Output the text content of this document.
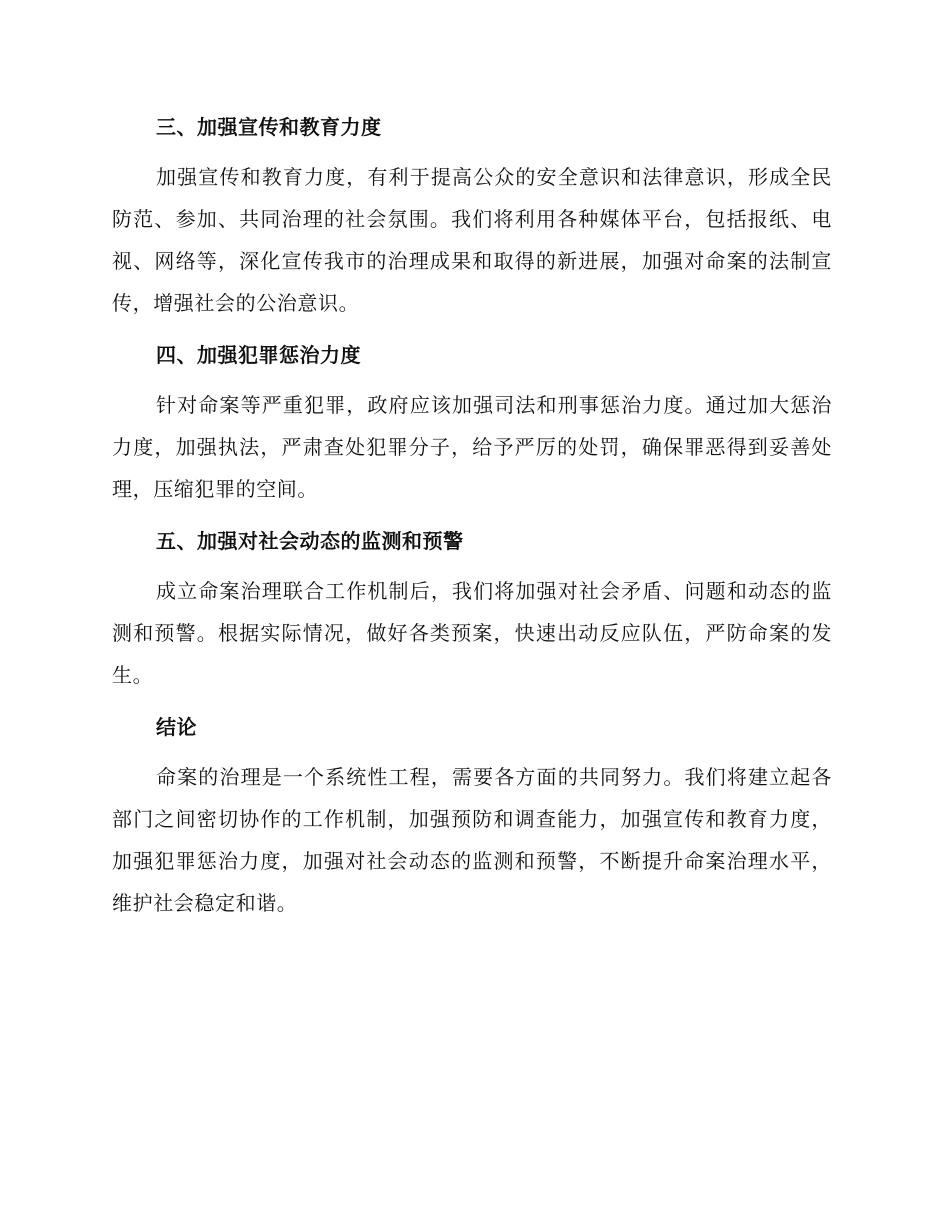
三、加强宣传和教育力度

加强宣传和教育力度，有利于提高公众的安全意识和法律意识，形成全民防范、参加、共同治理的社会氛围。我们将利用各种媒体平台，包括报纸、电视、网络等，深化宣传我市的治理成果和取得的新进展，加强对命案的法制宣传，增强社会的公治意识。

四、加强犯罪惩治力度

针对命案等严重犯罪，政府应该加强司法和刑事惩治力度。通过加大惩治力度，加强执法，严肃查处犯罪分子，给予严厉的处罚，确保罪恶得到妥善处理，压缩犯罪的空间。

五、加强对社会动态的监测和预警

成立命案治理联合工作机制后，我们将加强对社会矛盾、问题和动态的监测和预警。根据实际情况，做好各类预案，快速出动反应队伍，严防命案的发生。

结论

命案的治理是一个系统性工程，需要各方面的共同努力。我们将建立起各部门之间密切协作的工作机制，加强预防和调查能力，加强宣传和教育力度，加强犯罪惩治力度，加强对社会动态的监测和预警，不断提升命案治理水平，维护社会稳定和谐。
